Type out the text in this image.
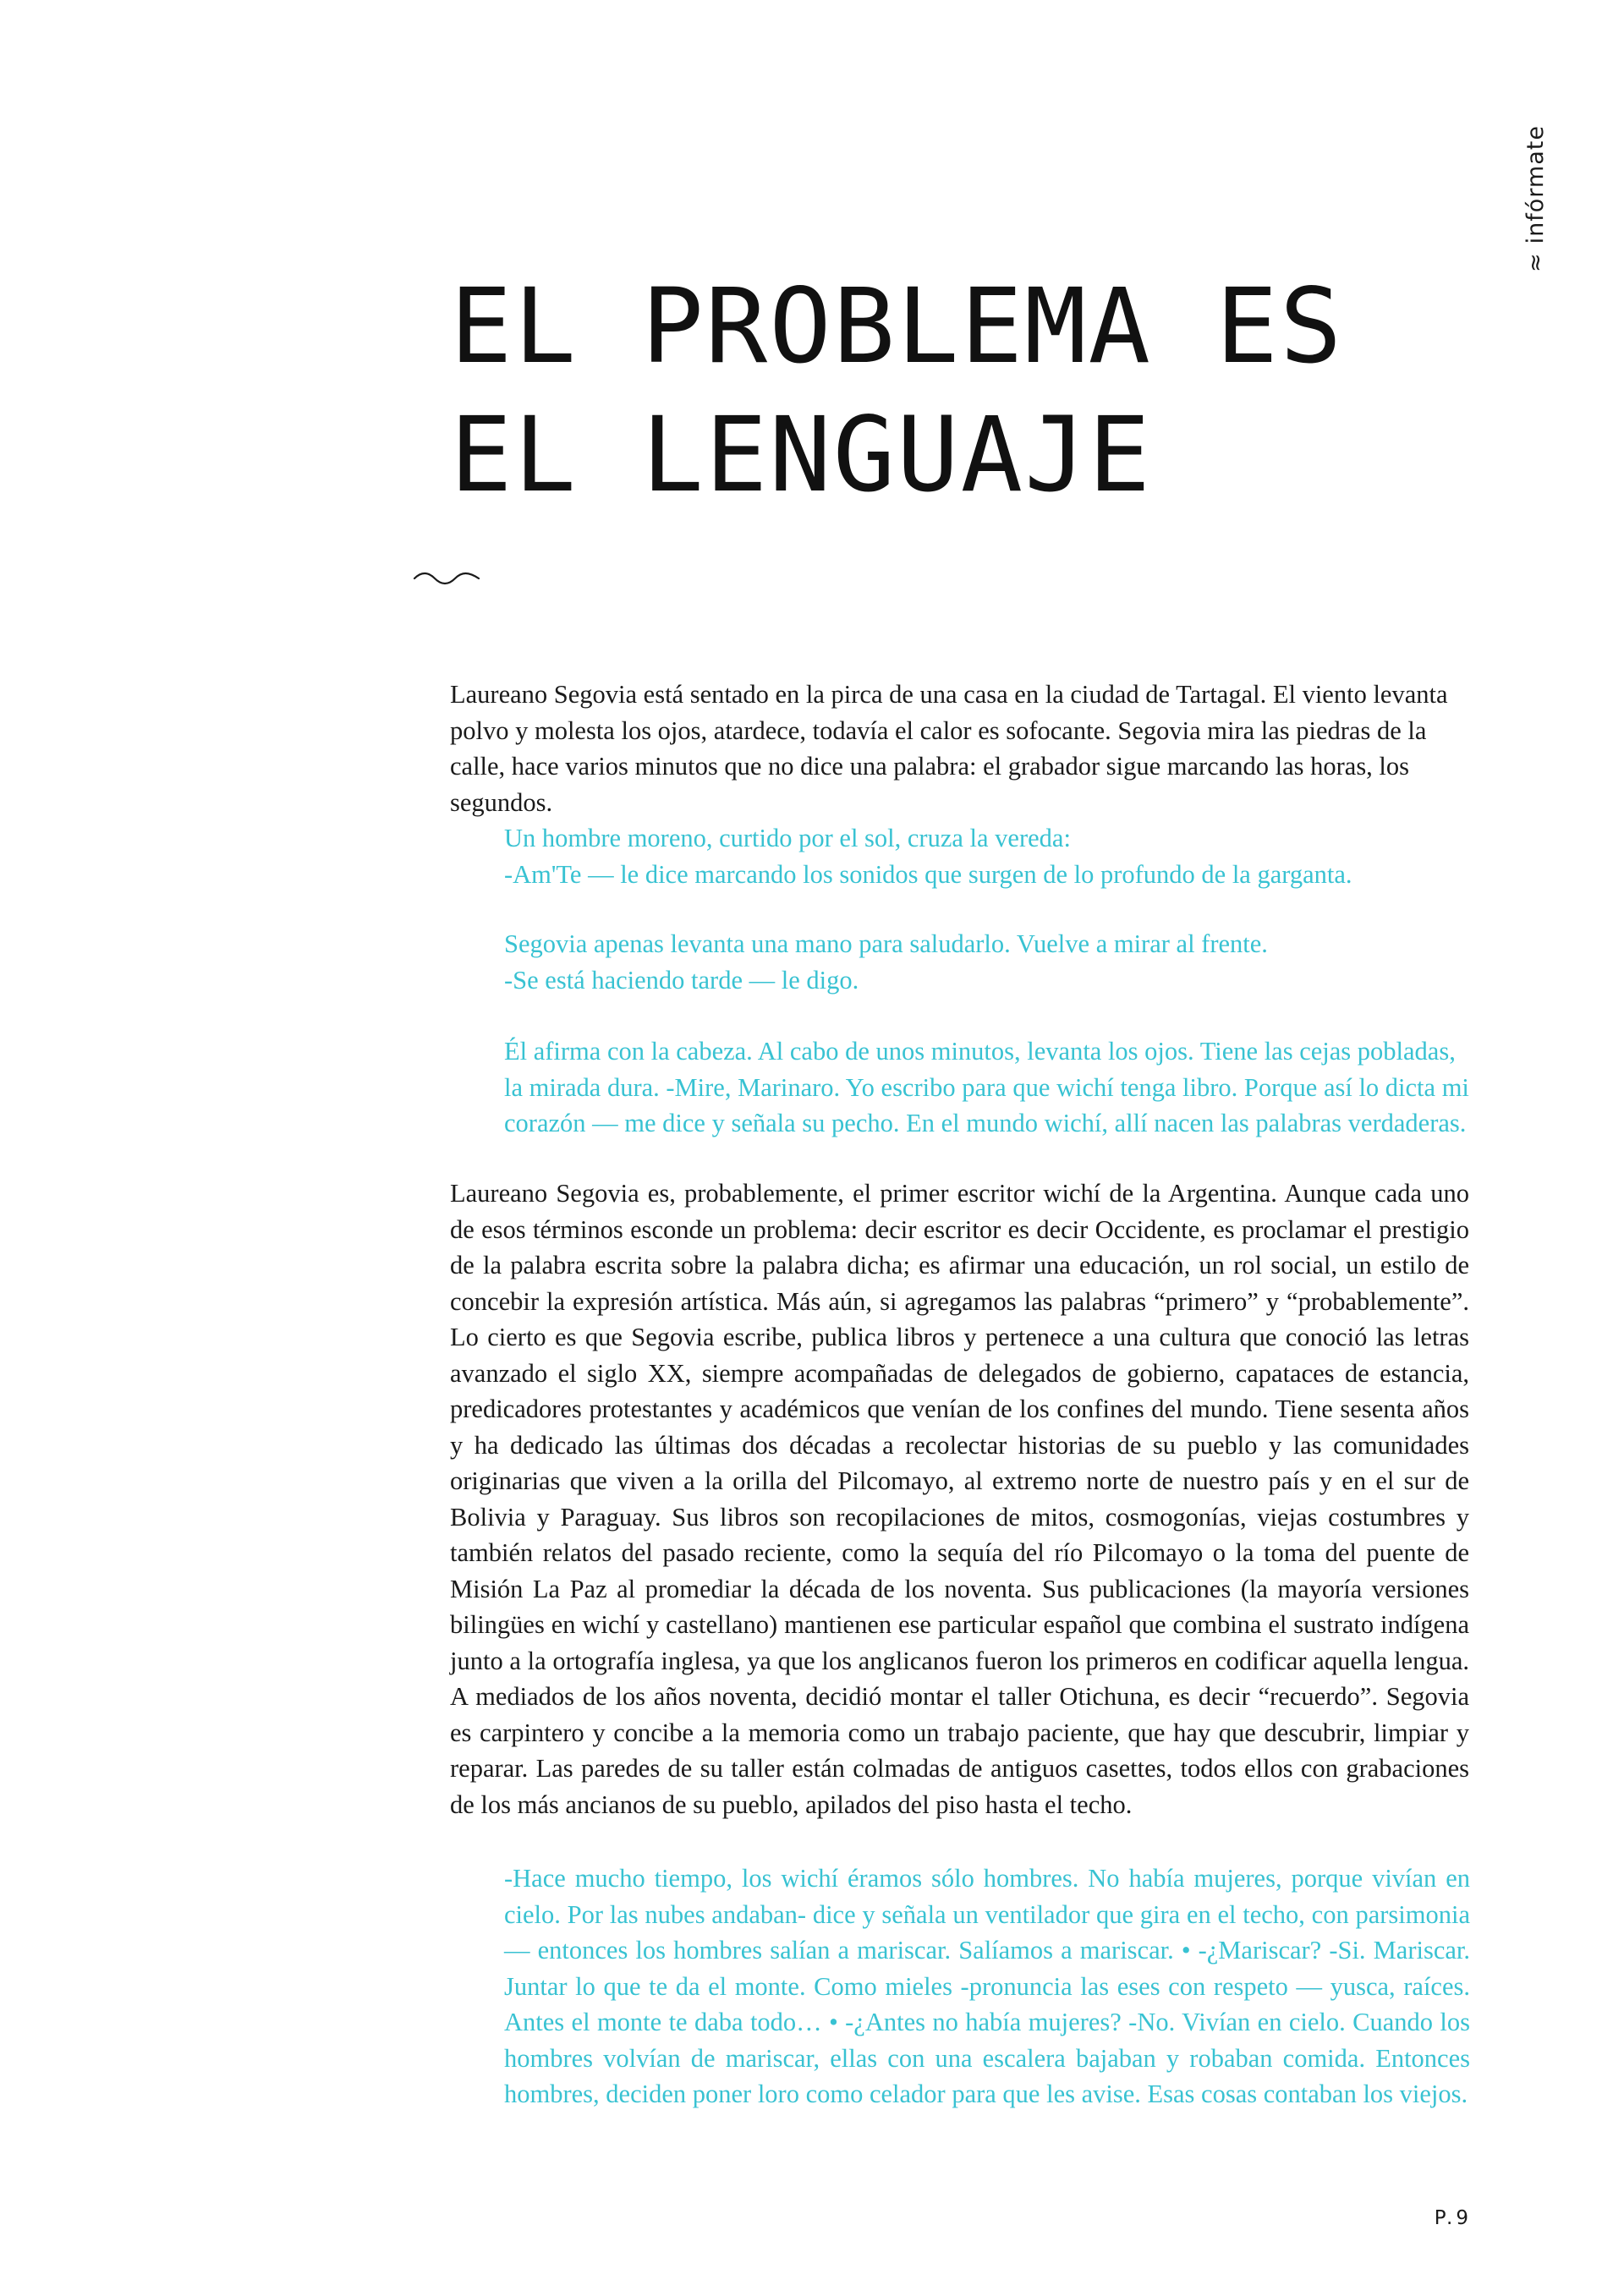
≈infórmate
EL PROBLEMA ES EL LENGUAJE

Laureano Segovia está sentado en la pirca de una casa en la ciudad de Tartagal. El viento levanta polvo y molesta los ojos, atardece, todavía el calor es sofocante. Segovia mira las piedras de la calle, hace varios minutos que no dice una palabra: el grabador sigue marcando las horas, los segundos.

Un hombre moreno, curtido por el sol, cruza la vereda:
-Am'Te — le dice marcando los sonidos que surgen de lo profundo de la garganta.

Segovia apenas levanta una mano para saludarlo. Vuelve a mirar al frente.
-Se está haciendo tarde — le digo.

Él afirma con la cabeza. Al cabo de unos minutos, levanta los ojos. Tiene las cejas pobladas, la mirada dura. -Mire, Marinaro. Yo escribo para que wichí tenga libro. Porque así lo dicta mi corazón — me dice y señala su pecho. En el mundo wichí, allí nacen las palabras verdaderas.

Laureano Segovia es, probablemente, el primer escritor wichí de la Argentina. Aunque cada uno de esos términos esconde un problema: decir escritor es decir Occidente, es proclamar el prestigio de la palabra escrita sobre la palabra dicha; es afirmar una educación, un rol social, un estilo de concebir la expresión artística. Más aún, si agregamos las palabras “primero” y “probablemente”. Lo cierto es que Segovia escribe, publica libros y pertenece a una cultura que conoció las letras avanzado el siglo XX, siempre acompañadas de delegados de gobierno, capataces de estancia, predicadores protestantes y académicos que venían de los confines del mundo. Tiene sesenta años y ha dedicado las últimas dos décadas a recolectar historias de su pueblo y las comunidades originarias que viven a la orilla del Pilcomayo, al extremo norte de nuestro país y en el sur de Bolivia y Paraguay. Sus libros son recopilaciones de mitos, cosmogonías, viejas costumbres y también relatos del pasado reciente, como la sequía del río Pilcomayo o la toma del puente de Misión La Paz al promediar la década de los noventa. Sus publicaciones (la mayoría versiones bilingües en wichí y castellano) mantienen ese particular español que combina el sustrato indígena junto a la ortografía inglesa, ya que los anglicanos fueron los primeros en codificar aquella lengua. A mediados de los años noventa, decidió montar el taller Otichuna, es decir “recuerdo”. Segovia es carpintero y concibe a la memoria como un trabajo paciente, que hay que descubrir, limpiar y reparar. Las paredes de su taller están colmadas de antiguos casettes, todos ellos con grabaciones de los más ancianos de su pueblo, apilados del piso hasta el techo.

-Hace mucho tiempo, los wichí éramos sólo hombres. No había mujeres, porque vivían en cielo. Por las nubes andaban- dice y señala un ventilador que gira en el techo, con parsimonia — entonces los hombres salían a mariscar. Salíamos a mariscar. • -¿Mariscar? -Si. Mariscar. Juntar lo que te da el monte. Como mieles -pronuncia las eses con respeto — yusca, raíces. Antes el monte te daba todo… • -¿Antes no había mujeres? -No. Vivían en cielo. Cuando los hombres volvían de mariscar, ellas con una escalera bajaban y robaban comida. Entonces hombres, deciden poner loro como celador para que les avise. Esas cosas contaban los viejos.

P.9
